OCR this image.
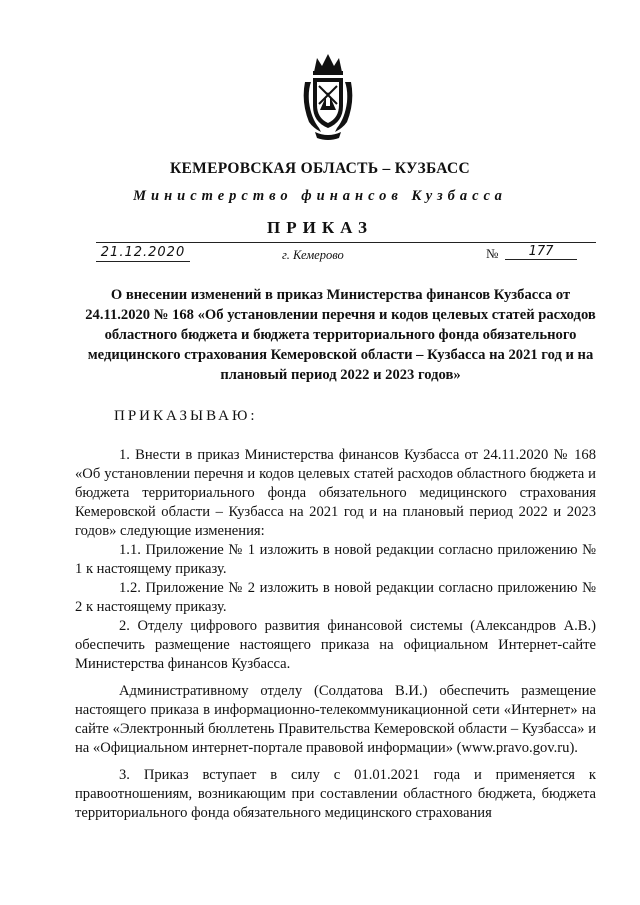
КЕМЕРОВСКАЯ ОБЛАСТЬ – КУЗБАСС
Министерство финансов Кузбасса
ПРИКАЗ
21.12.2020	г. Кемерово	№	177
О внесении изменений в приказ Министерства финансов Кузбасса от 24.11.2020 № 168 «Об установлении перечня и кодов целевых статей расходов областного бюджета и бюджета территориального фонда обязательного медицинского страхования Кемеровской области – Кузбасса на 2021 год и на плановый период 2022 и 2023 годов»
ПРИКАЗЫВАЮ:

1. Внести в приказ Министерства финансов Кузбасса от 24.11.2020 № 168 «Об установлении перечня и кодов целевых статей расходов областного бюджета и бюджета территориального фонда обязательного медицинского страхования Кемеровской области – Кузбасса на 2021 год и на плановый период 2022 и 2023 годов» следующие изменения:

1.1. Приложение № 1 изложить в новой редакции согласно приложению № 1 к настоящему приказу.

1.2. Приложение № 2 изложить в новой редакции согласно приложению № 2 к настоящему приказу.

2. Отделу цифрового развития финансовой системы (Александров А.В.) обеспечить размещение настоящего приказа на официальном Интернет-сайте Министерства финансов Кузбасса.

Административному отделу (Солдатова В.И.) обеспечить размещение настоящего приказа в информационно-телекоммуникационной сети «Интернет» на сайте «Электронный бюллетень Правительства Кемеровской области – Кузбасса» и на «Официальном интернет-портале правовой информации» (www.pravo.gov.ru).

3. Приказ вступает в силу с 01.01.2021 года и применяется к правоотношениям, возникающим при составлении областного бюджета, бюджета территориального фонда обязательного медицинского страхования
